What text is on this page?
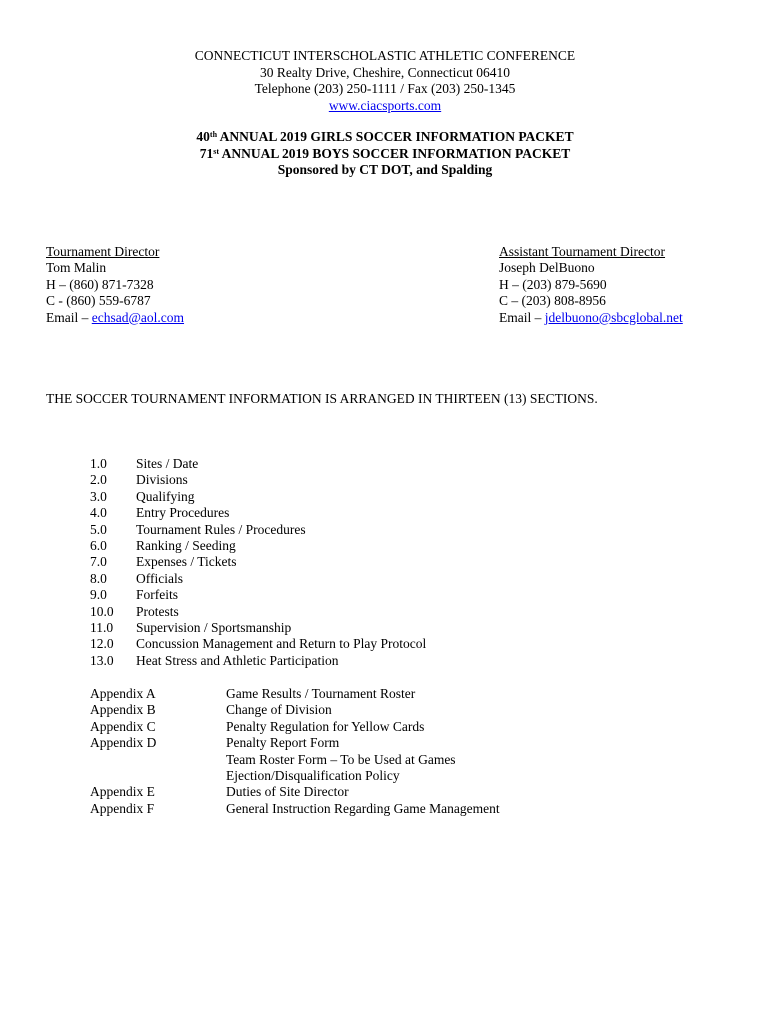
CONNECTICUT INTERSCHOLASTIC ATHLETIC CONFERENCE
30 Realty Drive, Cheshire, Connecticut 06410
Telephone (203) 250-1111 / Fax (203) 250-1345
www.ciacsports.com
40th ANNUAL 2019 GIRLS SOCCER INFORMATION PACKET
71st ANNUAL 2019 BOYS SOCCER INFORMATION PACKET
Sponsored by CT DOT, and Spalding
Tournament Director
Tom Malin
H – (860) 871-7328
C - (860) 559-6787
Email – echsad@aol.com
Assistant Tournament Director
Joseph DelBuono
H – (203) 879-5690
C – (203) 808-8956
Email – jdelbuono@sbcglobal.net
THE SOCCER TOURNAMENT INFORMATION IS ARRANGED IN THIRTEEN (13) SECTIONS.
1.0 Sites / Date
2.0 Divisions
3.0 Qualifying
4.0 Entry Procedures
5.0 Tournament Rules / Procedures
6.0 Ranking / Seeding
7.0 Expenses / Tickets
8.0 Officials
9.0 Forfeits
10.0 Protests
11.0 Supervision / Sportsmanship
12.0 Concussion Management and Return to Play Protocol
13.0 Heat Stress and Athletic Participation
Appendix A	Game Results / Tournament Roster
Appendix B	Change of Division
Appendix C	Penalty Regulation for Yellow Cards
Appendix D	Penalty Report Form
Team Roster Form – To be Used at Games
Ejection/Disqualification Policy
Appendix E	Duties of Site Director
Appendix F	General Instruction Regarding Game Management
